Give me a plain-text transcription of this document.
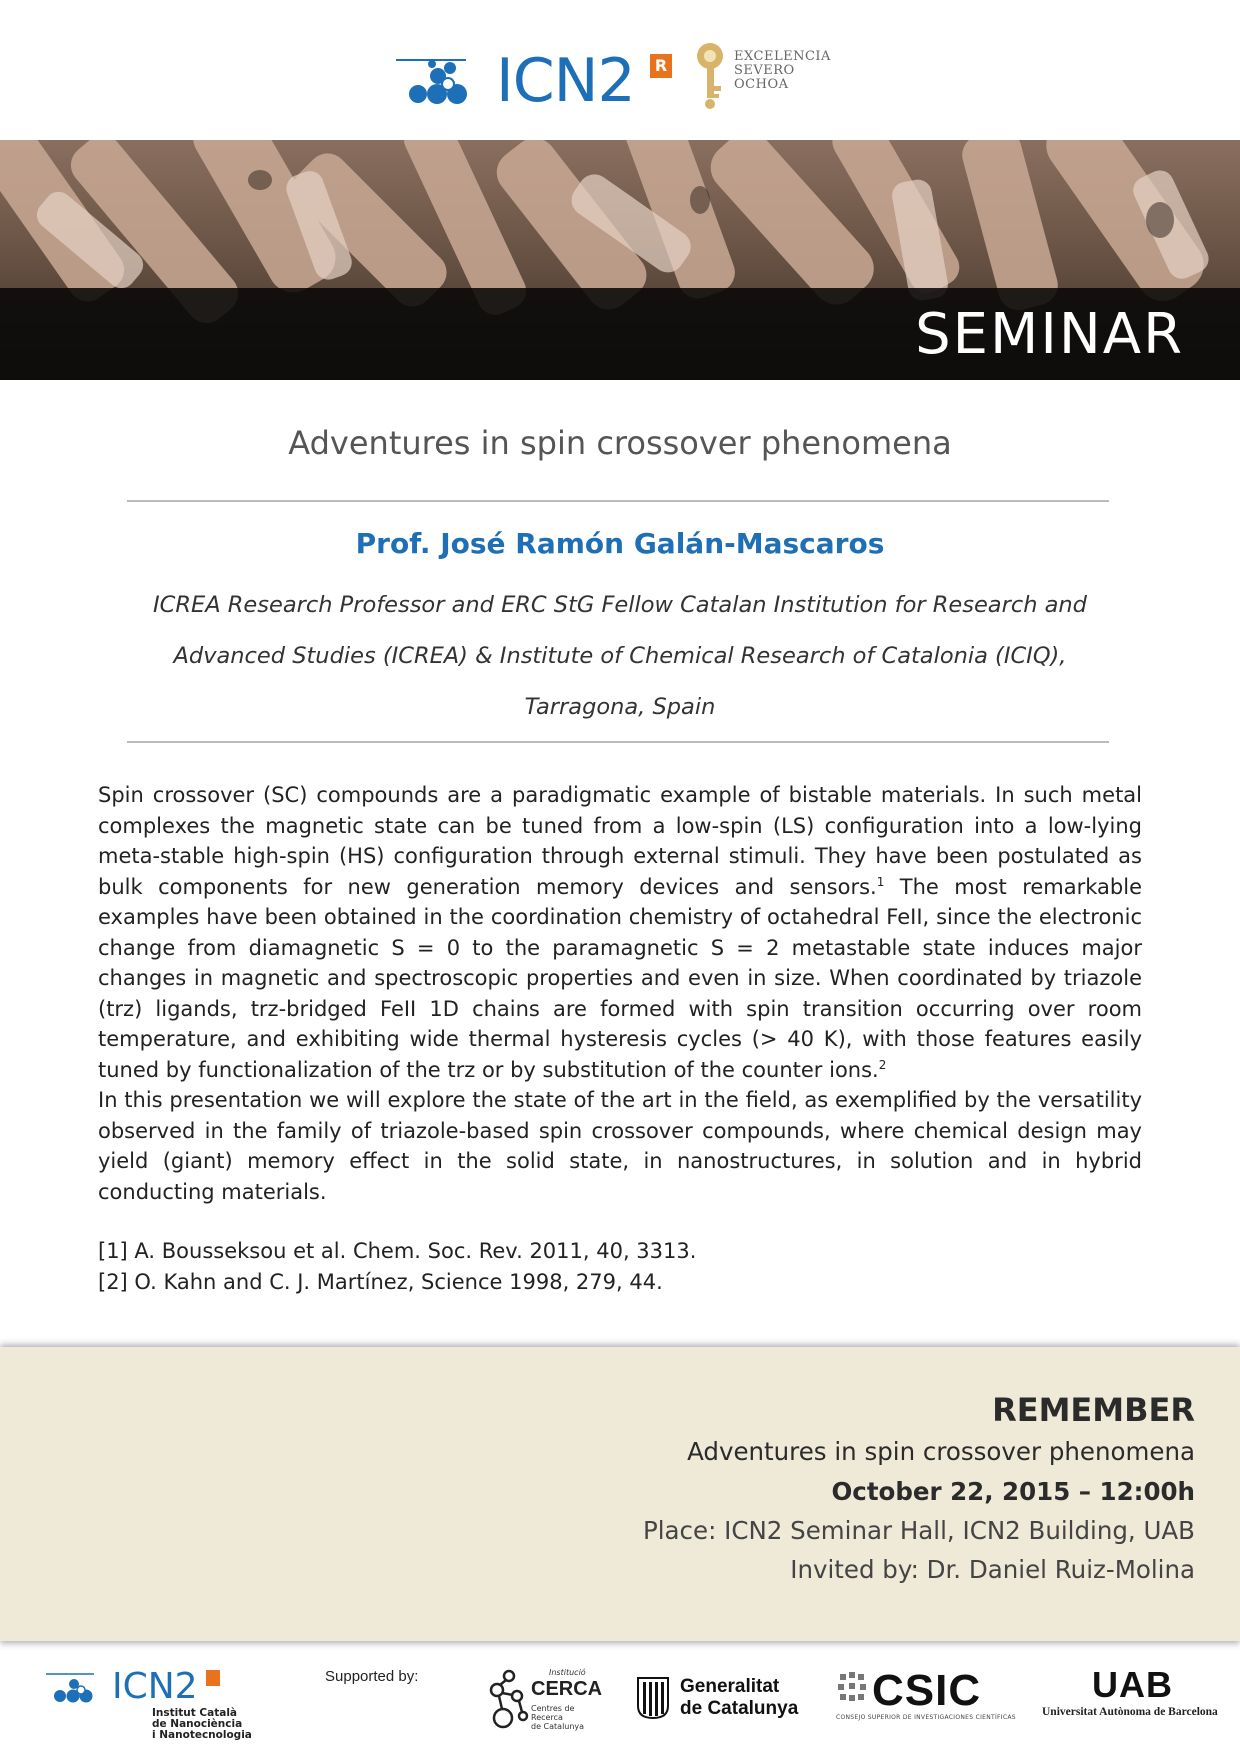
ICN2	R	EXCELENCIA
SEVERO
OCHOA
SEMINAR
Adventures in spin crossover phenomena
Prof. José Ramón Galán-Mascaros
ICREA Research Professor and ERC StG Fellow Catalan Institution for Research and
Advanced Studies (ICREA) & Institute of Chemical Research of Catalonia (ICIQ),
Tarragona, Spain

Spin crossover (SC) compounds are a paradigmatic example of bistable materials. In such metal complexes the magnetic state can be tuned from a low-spin (LS) configuration into a low-lying meta-stable high-spin (HS) configuration through external stimuli. They have been postulated as bulk components for new generation memory devices and sensors.$^1$ The most remarkable examples have been obtained in the coordination chemistry of octahedral FeII, since the electronic change from diamagnetic S = 0 to the paramagnetic S = 2 metastable state induces major changes in magnetic and spectroscopic properties and even in size. When coordinated by triazole (trz) ligands, trz-bridged FeII 1D chains are formed with spin transition occurring over room temperature, and exhibiting wide thermal hysteresis cycles (> 40 K), with those features easily tuned by functionalization of the trz or by substitution of the counter ions.$^2$

In this presentation we will explore the state of the art in the field, as exemplified by the versatility observed in the family of triazole-based spin crossover compounds, where chemical design may yield (giant) memory effect in the solid state, in nanostructures, in solution and in hybrid conducting materials.

[1] A. Bousseksou et al. Chem. Soc. Rev. 2011, 40, 3313.
[2] O. Kahn and C. J. Martínez, Science 1998, 279, 44.
REMEMBER
Adventures in spin crossover phenomena
October 22, 2015 – 12:00h
Place: ICN2 Seminar Hall, ICN2 Building, UAB
Invited by: Dr. Daniel Ruiz-Molina
ICN2
Institut Català
de Nanociència
i Nanotecnologia
Supported by:	Institució
CERCA
Centres de Recerca
de Catalunya
Generalitat
de Catalunya CSIC
CONSEJO SUPERIOR DE INVESTIGACIONES CIENTÍFICAS
UAB
Universitat Autònoma de Barcelona
